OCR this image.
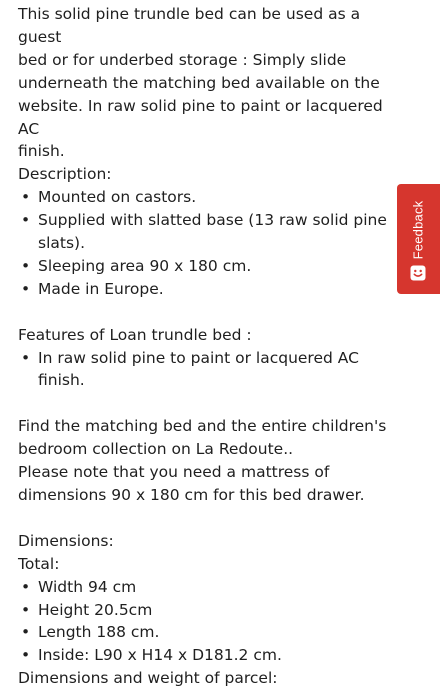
This solid pine trundle bed can be used as a guest
bed or for underbed storage : Simply slide
underneath the matching bed available on the
website. In raw solid pine to paint or lacquered AC
finish.
Description:
• Mounted on castors.
• Supplied with slatted base (13 raw solid pine
slats).
• Sleeping area 90 x 180 cm.
• Made in Europe.
Features of Loan trundle bed :
• In raw solid pine to paint or lacquered AC finish.
Find the matching bed and the entire children's
bedroom collection on La Redoute..
Please note that you need a mattress of
dimensions 90 x 180 cm for this bed drawer.
Dimensions:
Total:
• Width 94 cm
• Height 20.5cm
• Length 188 cm.
• Inside: L90 x H14 x D181.2 cm.
Dimensions and weight of parcel:
Feedback
